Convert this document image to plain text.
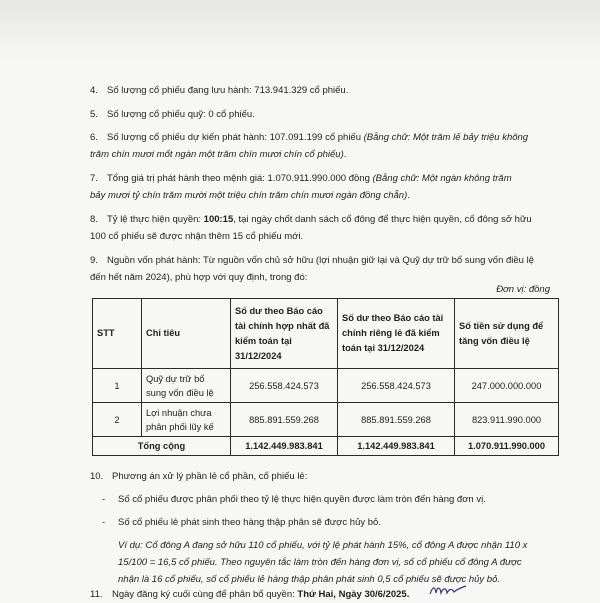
4. Số lượng cổ phiếu đang lưu hành: 713.941.329 cổ phiếu.
5. Số lượng cổ phiếu quỹ: 0 cổ phiếu.
6. Số lượng cổ phiếu dự kiến phát hành: 107.091.199 cổ phiếu (Bằng chữ: Một trăm lẻ bảy triệu không
trăm chín mươi mốt ngàn một trăm chín mươi chín cổ phiếu).
7. Tổng giá trị phát hành theo mệnh giá: 1.070.911.990.000 đồng (Bằng chữ: Một ngàn không trăm
bảy mươi tỷ chín trăm mười một triệu chín trăm chín mươi ngàn đồng chẵn).
8. Tỷ lệ thực hiện quyền: 100:15, tại ngày chốt danh sách cổ đông để thực hiện quyền, cổ đông sở hữu
100 cổ phiếu sẽ được nhận thêm 15 cổ phiếu mới.
9. Nguồn vốn phát hành: Từ nguồn vốn chủ sở hữu (lợi nhuận giữ lại và Quỹ dự trữ bổ sung vốn điều lệ
đến hết năm 2024), phù hợp với quy định, trong đó:
Đơn vị: đồng
STT	Chỉ tiêu	Số dư theo Báo cáo tài chính hợp nhất đã kiểm toán tại 31/12/2024	Số dư theo Báo cáo tài chính riêng lẻ đã kiểm toán tại 31/12/2024	Số tiền sử dụng để tăng vốn điều lệ
1	Quỹ dự trữ bổ sung vốn điều lệ	256.558.424.573	256.558.424.573	247.000.000.000
2	Lợi nhuận chưa phân phối lũy kế	885.891.559.268	885.891.559.268	823.911.990.000
Tổng cộng		1.142.449.983.841	1.142.449.983.841	1.070.911.990.000
10. Phương án xử lý phần lẻ cổ phần, cổ phiếu lẻ:
- Số cổ phiếu được phân phối theo tỷ lệ thực hiện quyền được làm tròn đến hàng đơn vị.
- Số cổ phiếu lẻ phát sinh theo hàng thập phân sẽ được hủy bỏ.
Ví dụ: Cổ đông A đang sở hữu 110 cổ phiếu, với tỷ lệ phát hành 15%, cổ đông A được nhận 110 x
15/100 = 16,5 cổ phiếu. Theo nguyên tắc làm tròn đến hàng đơn vị, số cổ phiếu cổ đông A được
nhận là 16 cổ phiếu, số cổ phiếu lẻ hàng thập phân phát sinh 0,5 cổ phiếu sẽ được hủy bỏ.
11. Ngày đăng ký cuối cùng để phân bổ quyền: Thứ Hai, Ngày 30/6/2025.
